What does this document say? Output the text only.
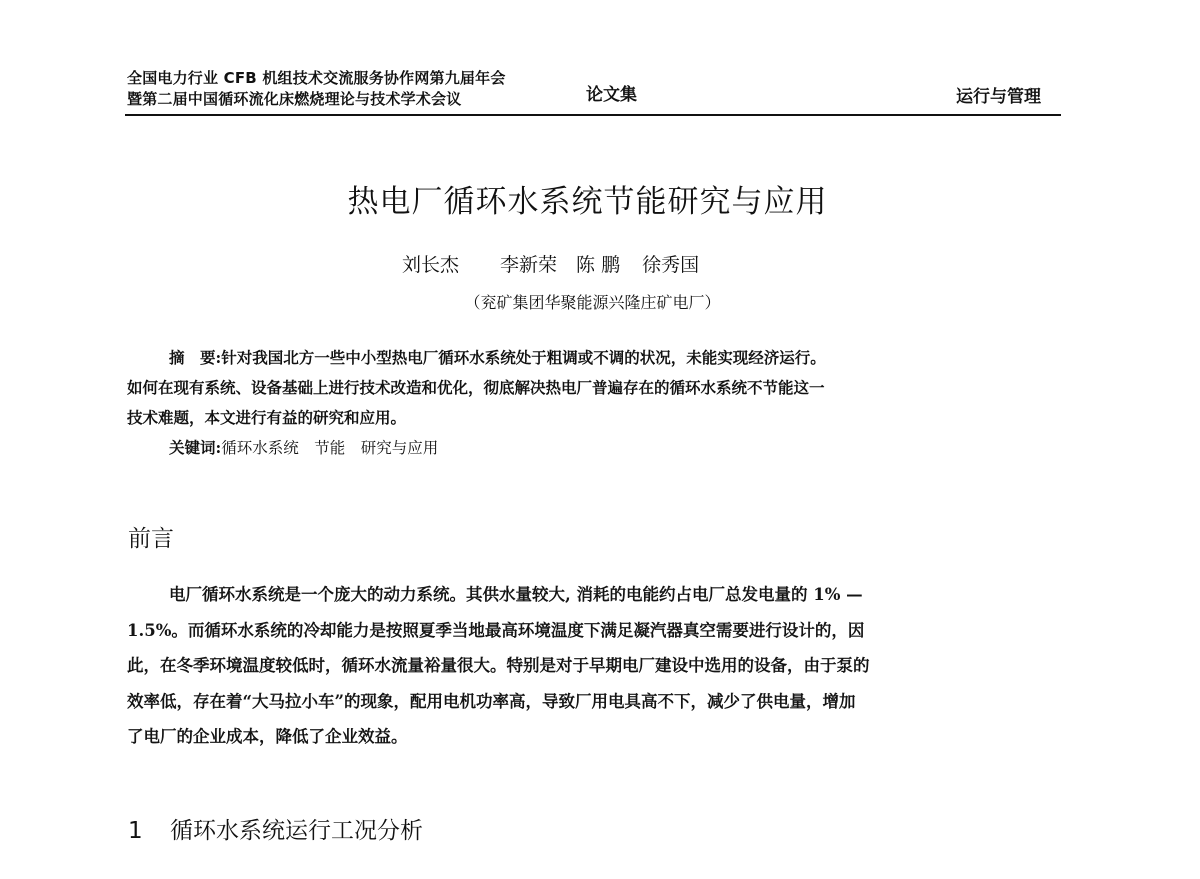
全国电力行业 CFB 机组技术交流服务协作网第九届年会
暨第二届中国循环流化床燃烧理论与技术学术会议	论文集	运行与管理
热电厂循环水系统节能研究与应用
刘长杰 李新荣 陈 鹏 徐秀国
（兖矿集团华聚能源兴隆庄矿电厂）
摘　要:针对我国北方一些中小型热电厂循环水系统处于粗调或不调的状况，未能实现经济运行。
如何在现有系统、设备基础上进行技术改造和优化，彻底解决热电厂普遍存在的循环水系统不节能这一
技术难题，本文进行有益的研究和应用。
关键词:循环水系统　节能　研究与应用
前言
电厂循环水系统是一个庞大的动力系统。其供水量较大, 消耗的电能约占电厂总发电量的 1% —
1.5%。而循环水系统的冷却能力是按照夏季当地最高环境温度下满足凝汽器真空需要进行设计的，因
此，在冬季环境温度较低时，循环水流量裕量很大。特别是对于早期电厂建设中选用的设备，由于泵的
效率低，存在着“大马拉小车”的现象，配用电机功率高，导致厂用电具高不下，减少了供电量，增加
了电厂的企业成本，降低了企业效益。
1 循环水系统运行工况分析
